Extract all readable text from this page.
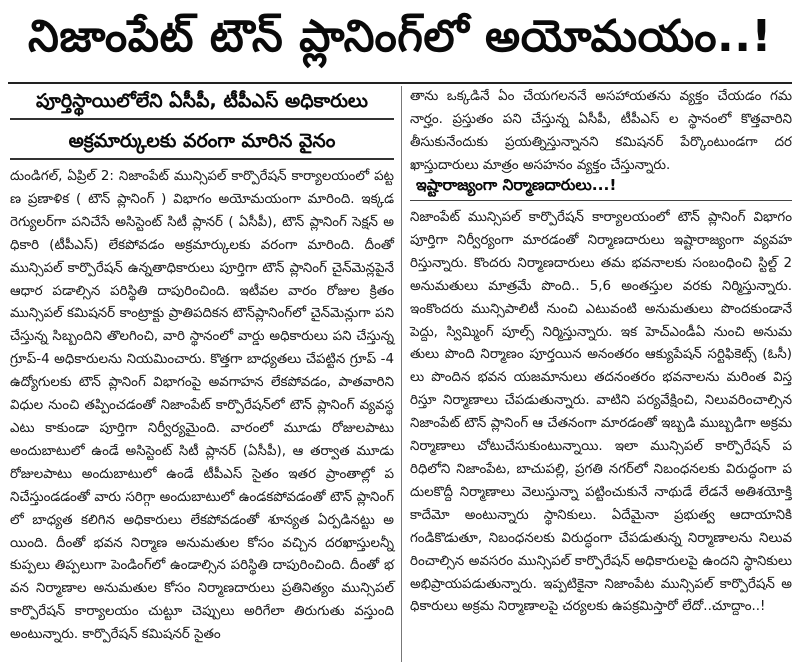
నిజాంపేట్ టౌన్ ప్లానింగ్‌లో అయోమయం..!
పూర్తిస్థాయిలోలేని ఏసీపీ, టీపీఎస్ అధికారులు
అక్రమార్కులకు వరంగా మారిన వైనం

దుండిగల్, ఏప్రిల్ 2: నిజాంపేట్ మున్సిపల్ కార్పొరేషన్ కార్యాలయంలో పట్టణ ప్రణాళిక ( టౌన్ ప్లానింగ్ ) విభాగం అయోమయంగా మారింది. ఇక్కడ రెగ్యులర్‌గా పనిచేసే అసిస్టెంట్ సిటీ ప్లానర్ ( ఏసీపీ), టౌన్ ప్లానింగ్ సెక్షన్ అధికారి (టీపీఎస్) లేకపోవడం అక్రమార్కులకు వరంగా మారింది. దీంతో మున్సిపల్ కార్పొరేషన్ ఉన్నతాధికారులు పూర్తిగా టౌన్ ప్లానింగ్ చైన్‌మెన్లపైనే ఆధార పడాల్సిన పరిస్థితి దాపురించింది. ఇటీవల వారం రోజుల క్రితం మున్సిపల్ కమిషనర్ కాంట్రాక్టు ప్రాతిపదికన టౌన్‌ప్లానింగ్‌లో చైన్‌మెన్లుగా పని చేస్తున్న సిబ్బందిని తొలగించి, వారి స్థానంలో వార్డు అధికారులు పని చేస్తున్న గ్రూప్-4 అధికారులను నియమించారు. కొత్తగా బాధ్యతలు చేపట్టిన గ్రూప్ -4 ఉద్యోగులకు టౌన్ ప్లానింగ్ విభాగంపై అవగాహన లేకపోవడం, పాతవారిని విధుల నుంచి తప్పించడంతో నిజాంపేట్ కార్పొరేషన్‌లో టౌన్ ప్లానింగ్ వ్యవస్థ ఎటు కాకుండా పూర్తిగా నిర్వీర్యమైంది. వారంలో మూడు రోజులపాటు అందుబాటులో ఉండే అసిస్టెంట్ సిటీ ప్లానర్ (ఏసీపీ), ఆ తర్వాత మూడు రోజులపాటు అందుబాటులో ఉండే టీపీఎస్ సైతం ఇతర ప్రాంతాల్లో పనిచేస్తుండడంతో వారు సరిగ్గా అందుబాటులో ఉండకపోవడంతో టౌన్ ప్లానింగ్ లో బాధ్యత కలిగిన అధికారులు లేకపోవడంతో శూన్యత ఏర్పడినట్టు అయింది. దీంతో భవన నిర్మాణ అనుమతుల కోసం వచ్చిన దరఖాస్తులన్నీ కుప్పలు తిప్పలుగా పెండింగ్‌లో ఉండాల్సిన పరిస్థితి దాపురించింది. దీంతో భవన నిర్మాణాల అనుమతుల కోసం నిర్మాణదారులు ప్రతినిత్యం మున్సిపల్ కార్పొరేషన్ కార్యాలయం చుట్టూ చెప్పులు అరిగేలా తిరుగుతు వస్తుంది అంటున్నారు. కార్పొరేషన్ కమిషనర్ సైతం

తాను ఒక్కడినే ఏం చేయగలననే అసహాయతను వ్యక్తం చేయడం గమనార్హం. ప్రస్తుతం పని చేస్తున్న ఏసీపీ, టీపీఎస్ ల స్థానంలో కొత్తవారిని తీసుకునేందుకు ప్రయత్నిస్తున్నానని కమిషనర్ పేర్కొంటుండగా దరఖాస్తుదారులు మాత్రం అసహనం వ్యక్తం చేస్తున్నారు.

ఇష్టారాజ్యంగా నిర్మాణదారులు...!

నిజాంపేట్ మున్సిపల్ కార్పొరేషన్ కార్యాలయంలో టౌన్ ప్లానింగ్ విభాగం పూర్తిగా నిర్వీర్యంగా మారడంతో నిర్మాణదారులు ఇష్టారాజ్యంగా వ్యవహరిస్తున్నారు. కొందరు నిర్మాణదారులు తమ భవనాలకు సంబంధించి స్టిల్ట్ 2 అనుమతులు మాత్రమే పొంది.. 5,6 అంతస్తుల వరకు నిర్మిస్తున్నారు. ఇంకొందరు మున్సిపాలిటీ నుంచి ఎటువంటి అనుమతులు పొందకుండానే పెద్దు, స్విమ్మింగ్ పూల్స్ నిర్మిస్తున్నారు. ఇక హెచ్ఎండీఏ నుంచి అనుమతులు పొంది నిర్మాణం పూర్తయిన అనంతరం ఆక్యుపేషన్ సర్టిఫికెట్స్ (ఓసీ) లు పొందిన భవన యజమానులు తదనంతరం భవనాలను మరింత విస్తరిస్తూ నిర్మాణాలు చేపడుతున్నారు. వాటిని పర్యవేక్షించి, నిలువరించాల్సిన నిజాంపేట్ టౌన్ ప్లానింగ్ ఆ చేతనంగా మారడంతో ఇబ్బడి ముబ్బడిగా అక్రమ నిర్మాణాలు చోటుచేసుకుంటున్నాయి. ఇలా మున్సిపల్ కార్పొరేషన్ పరిధిలోని నిజాంపేట, బాచుపల్లి, ప్రగతి నగర్‌లో నిబంధనలకు విరుద్ధంగా పదులకొద్దీ నిర్మాణాలు వెలుస్తున్నా పట్టించుకునే నాథుడే లేడనే అతిశయోక్తి కాదేమో అంటున్నారు స్థానికులు. ఏదేమైనా ప్రభుత్వ ఆదాయానికి గండికొడుతూ, నిబంధనలకు విరుద్ధంగా చేపడుతున్న నిర్మాణాలను నిలువరించాల్సిన అవసరం మున్సిపల్ కార్పొరేషన్ అధికారులపై ఉందని స్థానికులు అభిప్రాయపడుతున్నారు. ఇప్పటికైనా నిజాంపేట మున్సిపల్ కార్పొరేషన్ అధికారులు అక్రమ నిర్మాణాలపై చర్యలకు ఉపక్రమిస్తారో లేదో..చూద్దాం..!
